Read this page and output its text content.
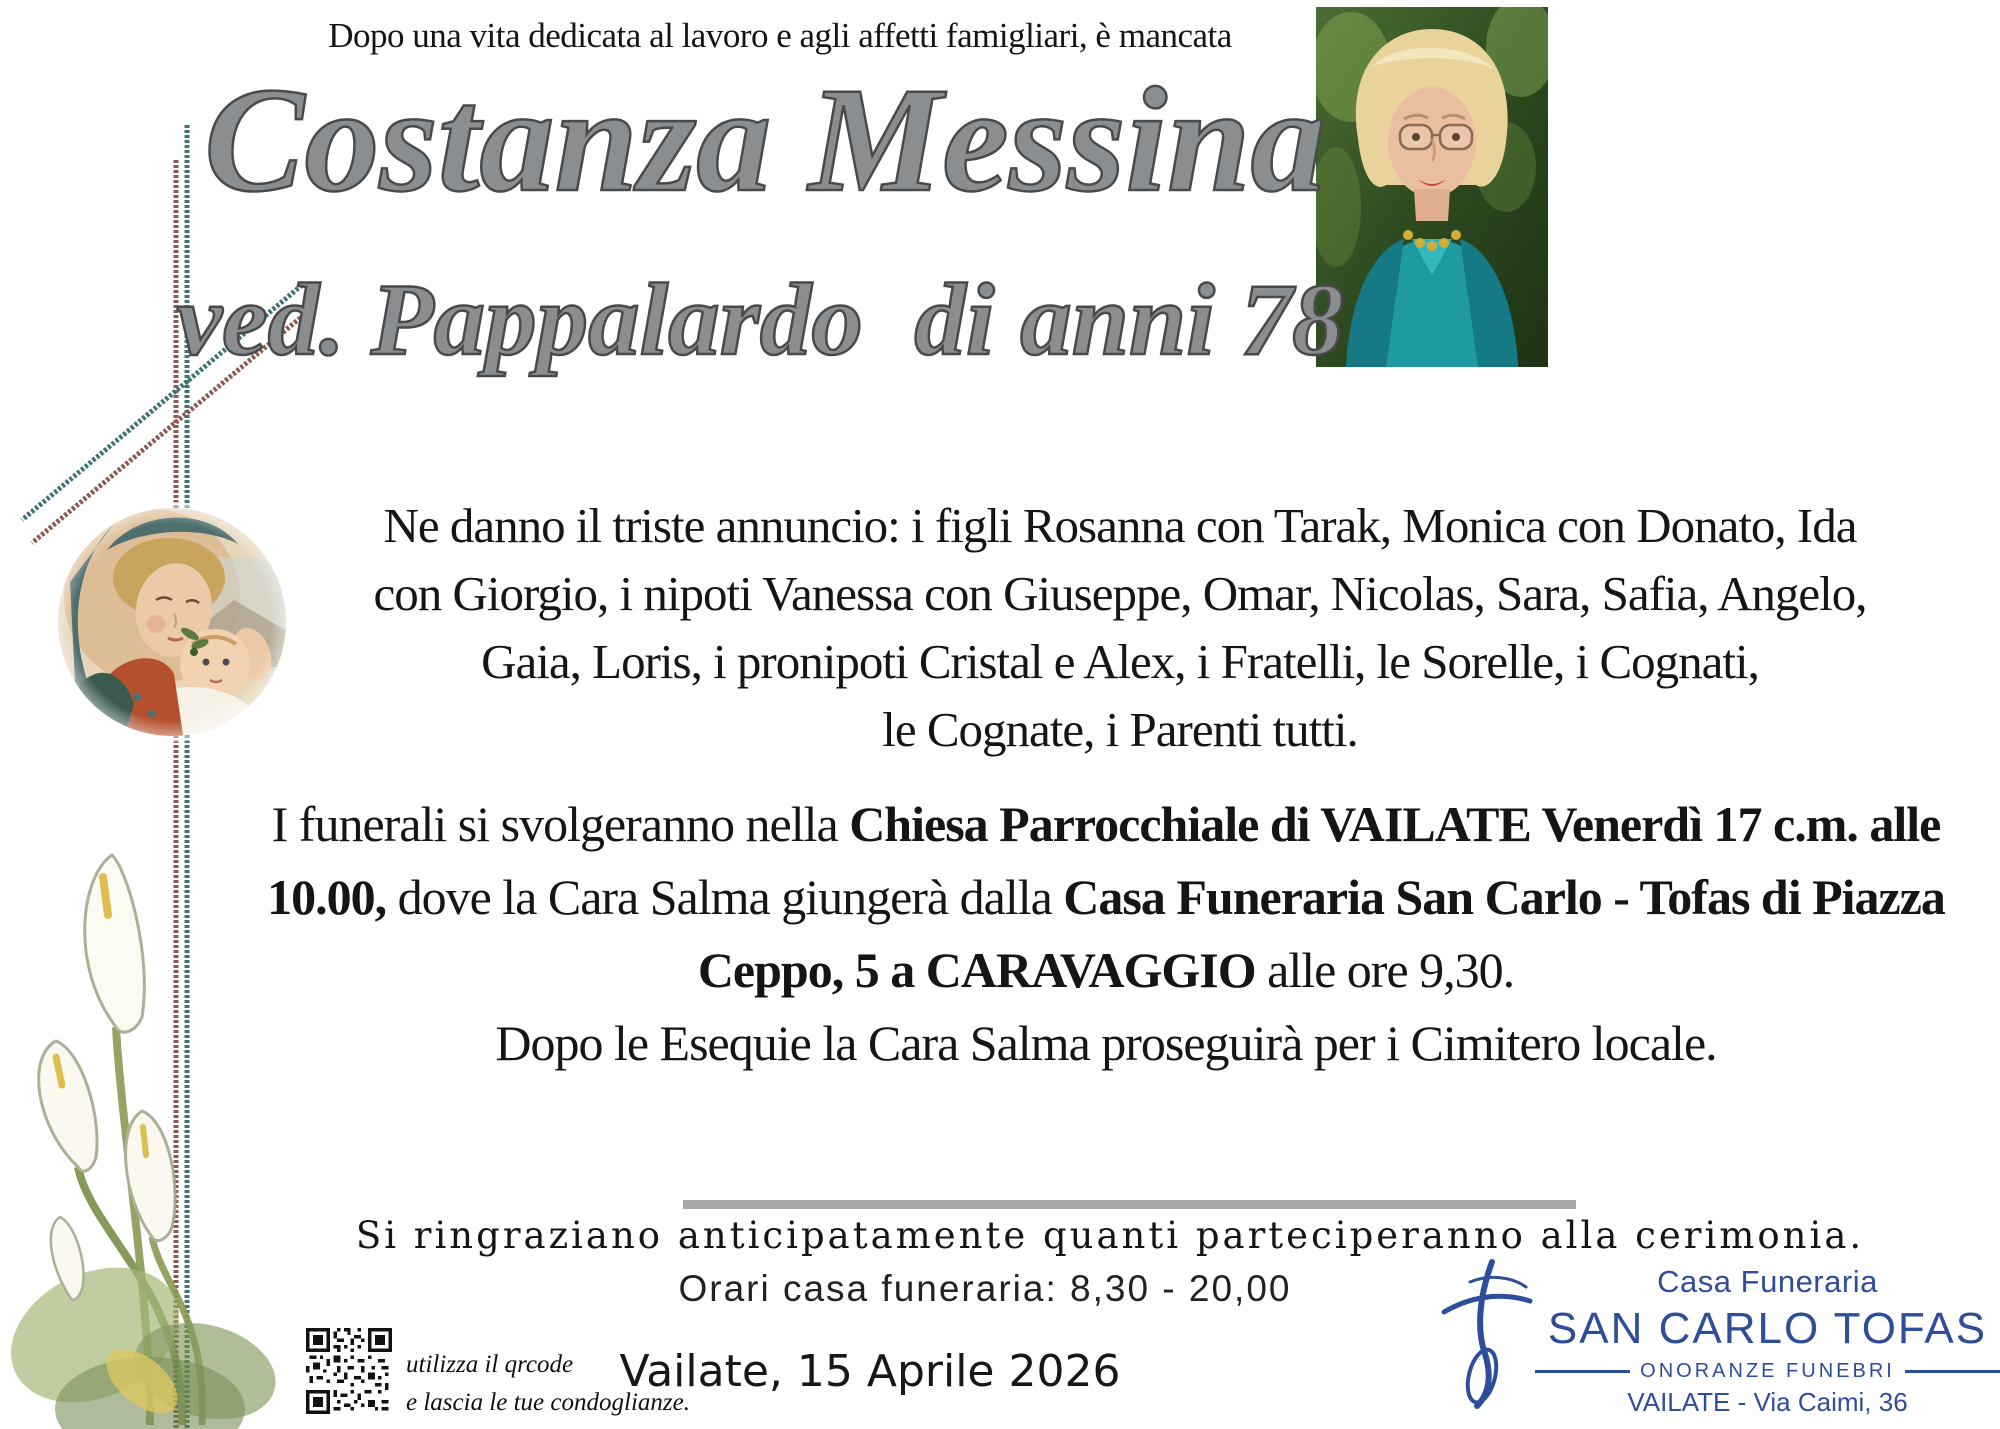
Dopo una vita dedicata al lavoro e agli affetti famigliari, è mancata
Costanza Messina
ved. Pappalardo  di anni 78
Ne danno il triste annuncio: i figli Rosanna con Tarak, Monica con Donato, Ida
con Giorgio, i nipoti Vanessa con Giuseppe, Omar, Nicolas, Sara, Safia, Angelo,
Gaia, Loris, i pronipoti Cristal e Alex, i Fratelli, le Sorelle, i Cognati,
le Cognate, i Parenti tutti.
I funerali si svolgeranno nella Chiesa Parrocchiale di VAILATE Venerdì 17 c.m. alle 10.00, dove la Cara Salma giungerà dalla Casa Funeraria San Carlo - Tofas di Piazza Ceppo, 5 a CARAVAGGIO alle ore 9,30.
Dopo le Esequie la Cara Salma proseguirà per i Cimitero locale.
Si ringraziano anticipatamente quanti parteciperanno alla cerimonia.
Orari casa funeraria: 8,30 - 20,00
Vailate, 15 Aprile 2026
utilizza il qrcode
e lascia le tue condoglianze.
Casa Funeraria
SAN CARLO TOFAS
ONORANZE FUNEBRI
VAILATE - Via Caimi, 36
